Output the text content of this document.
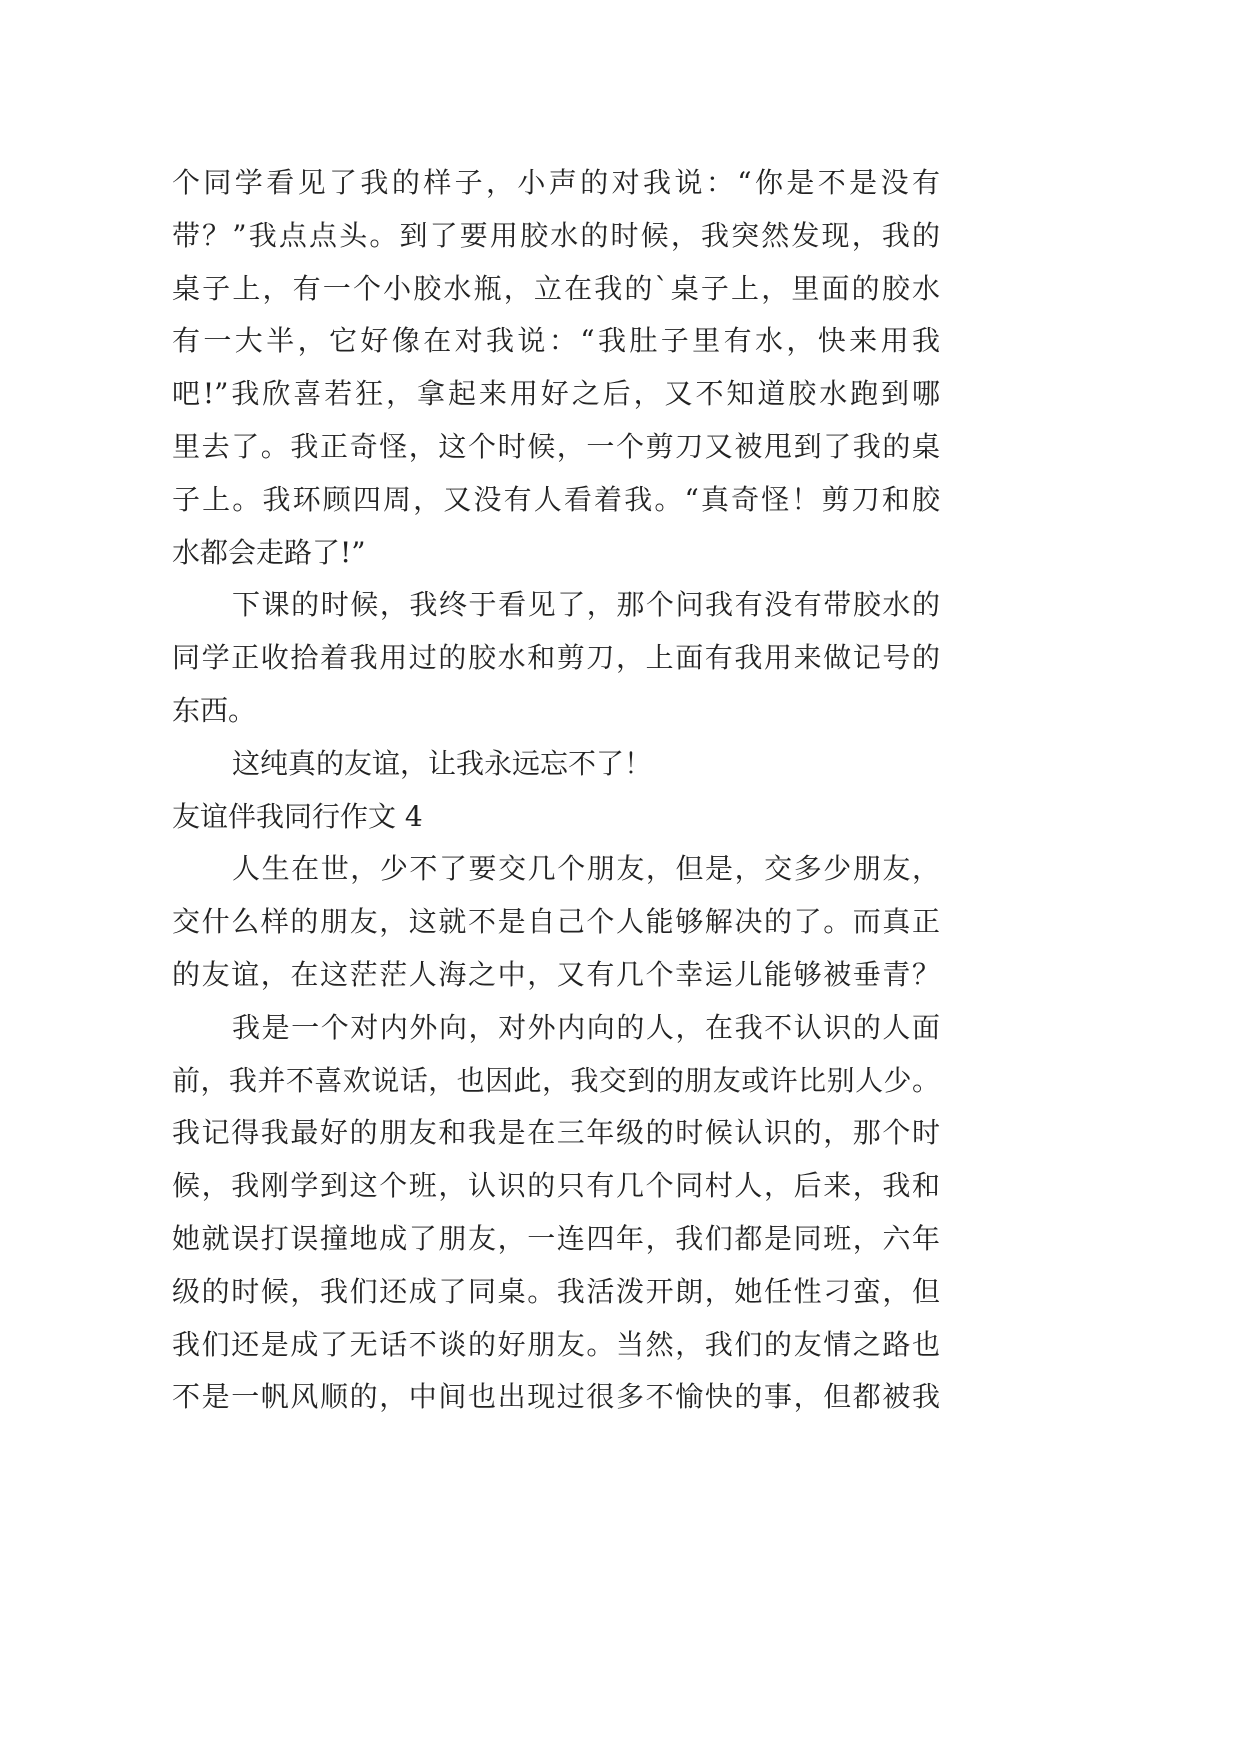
个同学看见了我的样子，小声的对我说：“你是不是没有
带？”我点点头。到了要用胶水的时候，我突然发现，我的
桌子上，有一个小胶水瓶，立在我的`桌子上，里面的胶水
有一大半，它好像在对我说：“我肚子里有水，快来用我
吧!”我欣喜若狂，拿起来用好之后，又不知道胶水跑到哪
里去了。我正奇怪，这个时候，一个剪刀又被甩到了我的桌
子上。我环顾四周，又没有人看着我。“真奇怪！剪刀和胶
水都会走路了!”
下课的时候，我终于看见了，那个问我有没有带胶水的
同学正收拾着我用过的胶水和剪刀，上面有我用来做记号的
东西。
这纯真的友谊，让我永远忘不了！
友谊伴我同行作文 4
人生在世，少不了要交几个朋友，但是，交多少朋友，
交什么样的朋友，这就不是自己个人能够解决的了。而真正
的友谊，在这茫茫人海之中，又有几个幸运儿能够被垂青？
我是一个对内外向，对外内向的人，在我不认识的人面
前，我并不喜欢说话，也因此，我交到的朋友或许比别人少。
我记得我最好的朋友和我是在三年级的时候认识的，那个时
候，我刚学到这个班，认识的只有几个同村人，后来，我和
她就误打误撞地成了朋友，一连四年，我们都是同班，六年
级的时候，我们还成了同桌。我活泼开朗，她任性刁蛮，但
我们还是成了无话不谈的好朋友。当然，我们的友情之路也
不是一帆风顺的，中间也出现过很多不愉快的事，但都被我
